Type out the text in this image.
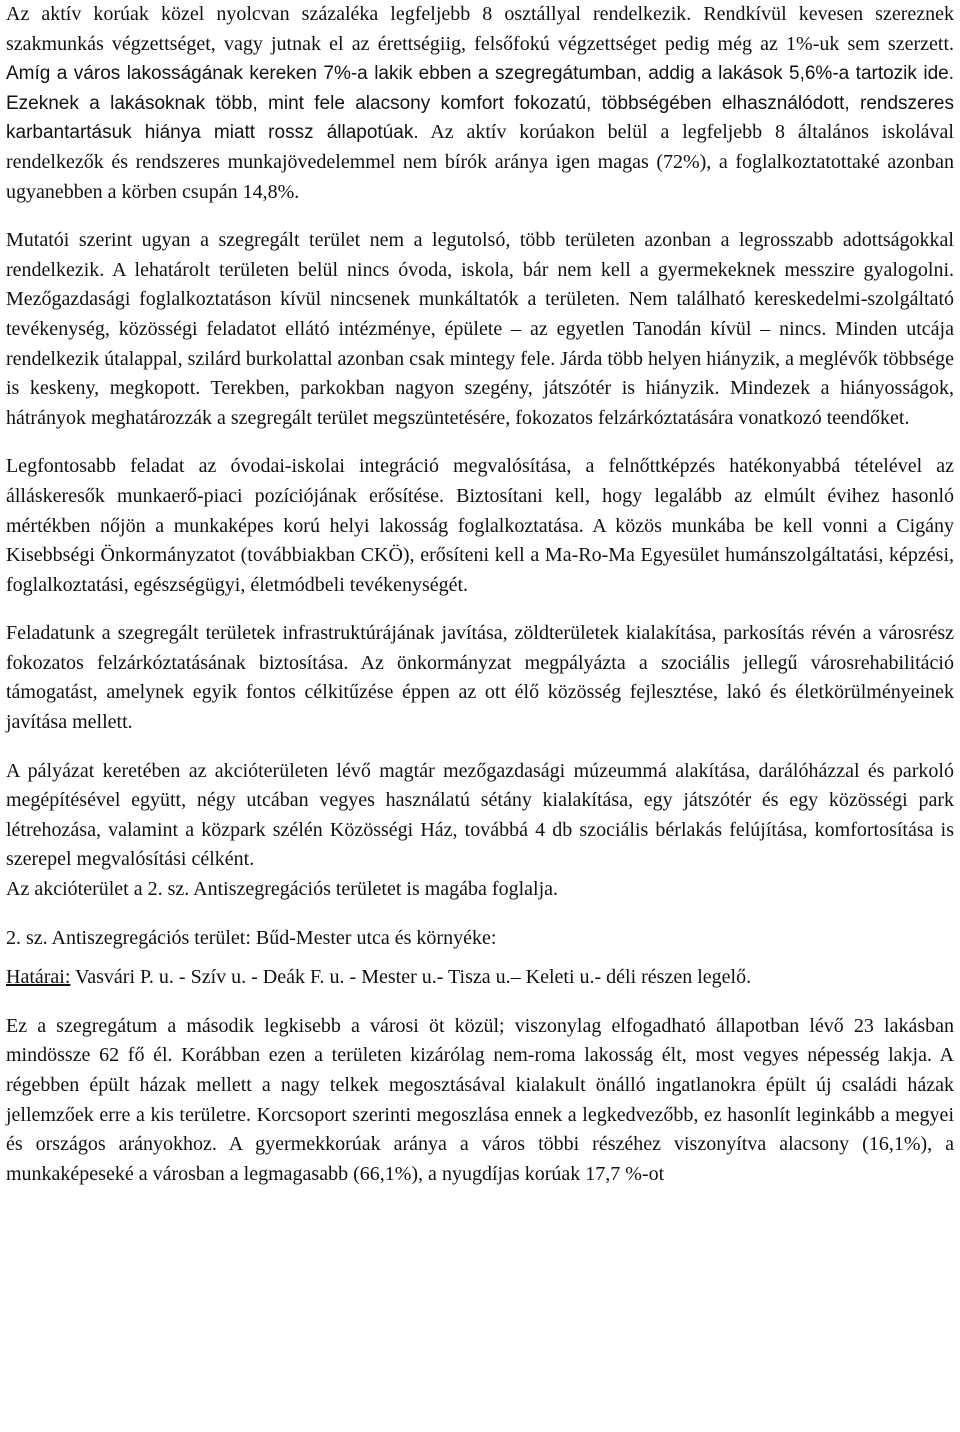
Az aktív korúak közel nyolcvan százaléka legfeljebb 8 osztállyal rendelkezik. Rendkívül kevesen szereznek szakmunkás végzettséget, vagy jutnak el az érettségiig, felsőfokú végzettséget pedig még az 1%-uk sem szerzett. Amíg a város lakosságának kereken 7%-a lakik ebben a szegregátumban, addig a lakások 5,6%-a tartozik ide. Ezeknek a lakásoknak több, mint fele alacsony komfort fokozatú, többségében elhasználódott, rendszeres karbantartásuk hiánya miatt rossz állapotúak. Az aktív korúakon belül a legfeljebb 8 általános iskolával rendelkezők és rendszeres munkajövedelemmel nem bírók aránya igen magas (72%), a foglalkoztatottaké azonban ugyanebben a körben csupán 14,8%.

Mutatói szerint ugyan a szegregált terület nem a legutolsó, több területen azonban a legrosszabb adottságokkal rendelkezik. A lehatárolt területen belül nincs óvoda, iskola, bár nem kell a gyermekeknek messzire gyalogolni. Mezőgazdasági foglalkoztatáson kívül nincsenek munkáltatók a területen. Nem található kereskedelmi-szolgáltató tevékenység, közösségi feladatot ellátó intézménye, épülete – az egyetlen Tanodán kívül – nincs. Minden utcája rendelkezik útalappal, szilárd burkolattal azonban csak mintegy fele. Járda több helyen hiányzik, a meglévők többsége is keskeny, megkopott. Terekben, parkokban nagyon szegény, játszótér is hiányzik. Mindezek a hiányosságok, hátrányok meghatározzák a szegregált terület megszüntetésére, fokozatos felzárkóztatására vonatkozó teendőket.

Legfontosabb feladat az óvodai-iskolai integráció megvalósítása, a felnőttképzés hatékonyabbá tételével az álláskeresők munkaerő-piaci pozíciójának erősítése. Biztosítani kell, hogy legalább az elmúlt évihez hasonló mértékben nőjön a munkaképes korú helyi lakosság foglalkoztatása. A közös munkába be kell vonni a Cigány Kisebbségi Önkormányzatot (továbbiakban CKÖ), erősíteni kell a Ma-Ro-Ma Egyesület humánszolgáltatási, képzési, foglalkoztatási, egészségügyi, életmódbeli tevékenységét.

Feladatunk a szegregált területek infrastruktúrájának javítása, zöldterületek kialakítása, parkosítás révén a városrész fokozatos felzárkóztatásának biztosítása. Az önkormányzat megpályázta a szociális jellegű városrehabilitáció támogatást, amelynek egyik fontos célkitűzése éppen az ott élő közösség fejlesztése, lakó és életkörülményeinek javítása mellett.

A pályázat keretében az akcióterületen lévő magtár mezőgazdasági múzeummá alakítása, darálóházzal és parkoló megépítésével együtt, négy utcában vegyes használatú sétány kialakítása, egy játszótér és egy közösségi park létrehozása, valamint a közpark szélén Közösségi Ház, továbbá 4 db szociális bérlakás felújítása, komfortosítása is szerepel megvalósítási célként.

Az akcióterület a 2. sz. Antiszegregációs területet is magába foglalja.

2. sz. Antiszegregációs terület: Bűd-Mester utca és környéke:

Határai: Vasvári P. u. - Szív u. - Deák F. u. - Mester u.- Tisza u.– Keleti u.- déli részen legelő.

Ez a szegregátum a második legkisebb a városi öt közül; viszonylag elfogadható állapotban lévő 23 lakásban mindössze 62 fő él. Korábban ezen a területen kizárólag nem-roma lakosság élt, most vegyes népesség lakja. A régebben épült házak mellett a nagy telkek megosztásával kialakult önálló ingatlanokra épült új családi házak jellemzőek erre a kis területre. Korcsoport szerinti megoszlása ennek a legkedvezőbb, ez hasonlít leginkább a megyei és országos arányokhoz. A gyermekkorúak aránya a város többi részéhez viszonyítva alacsony (16,1%), a munkaképeseké a városban a legmagasabb (66,1%), a nyugdíjas korúak 17,7 %-ot
